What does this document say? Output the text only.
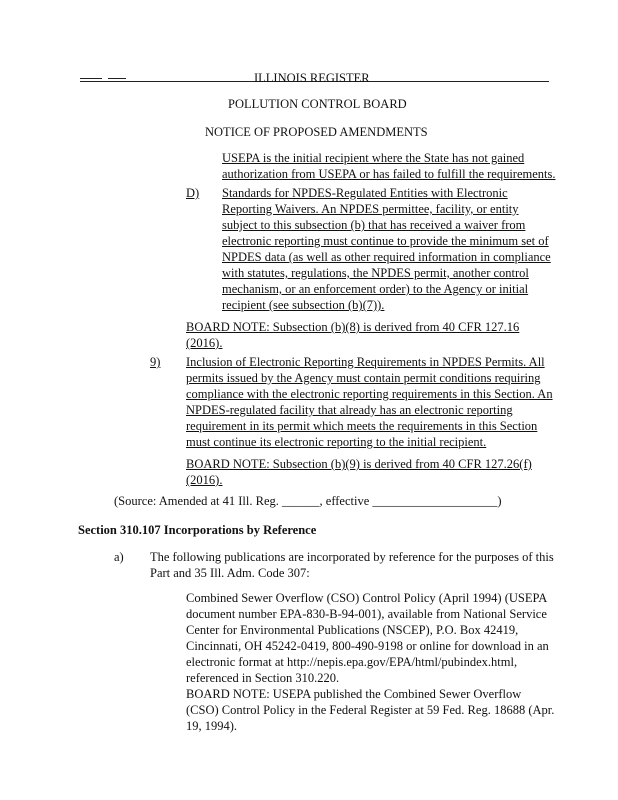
ILLINOIS REGISTER
POLLUTION CONTROL BOARD
NOTICE OF PROPOSED AMENDMENTS
USEPA is the initial recipient where the State has not gained
authorization from USEPA or has failed to fulfill the requirements.
D) Standards for NPDES-Regulated Entities with Electronic
Reporting Waivers. An NPDES permittee, facility, or entity
subject to this subsection (b) that has received a waiver from
electronic reporting must continue to provide the minimum set of
NPDES data (as well as other required information in compliance
with statutes, regulations, the NPDES permit, another control
mechanism, or an enforcement order) to the Agency or initial
recipient (see subsection (b)(7)).
BOARD NOTE: Subsection (b)(8) is derived from 40 CFR 127.16
(2016).
9) Inclusion of Electronic Reporting Requirements in NPDES Permits. All
permits issued by the Agency must contain permit conditions requiring
compliance with the electronic reporting requirements in this Section. An
NPDES-regulated facility that already has an electronic reporting
requirement in its permit which meets the requirements in this Section
must continue its electronic reporting to the initial recipient.
BOARD NOTE: Subsection (b)(9) is derived from 40 CFR 127.26(f)
(2016).
(Source: Amended at 41 Ill. Reg. ______, effective ____________________)
Section 310.107 Incorporations by Reference
a) The following publications are incorporated by reference for the purposes of this
Part and 35 Ill. Adm. Code 307:
Combined Sewer Overflow (CSO) Control Policy (April 1994) (USEPA
document number EPA-830-B-94-001), available from National Service
Center for Environmental Publications (NSCEP), P.O. Box 42419,
Cincinnati, OH 45242-0419, 800-490-9198 or online for download in an
electronic format at http://nepis.epa.gov/EPA/html/pubindex.html,
referenced in Section 310.220.
BOARD NOTE: USEPA published the Combined Sewer Overflow
(CSO) Control Policy in the Federal Register at 59 Fed. Reg. 18688 (Apr.
19, 1994).
